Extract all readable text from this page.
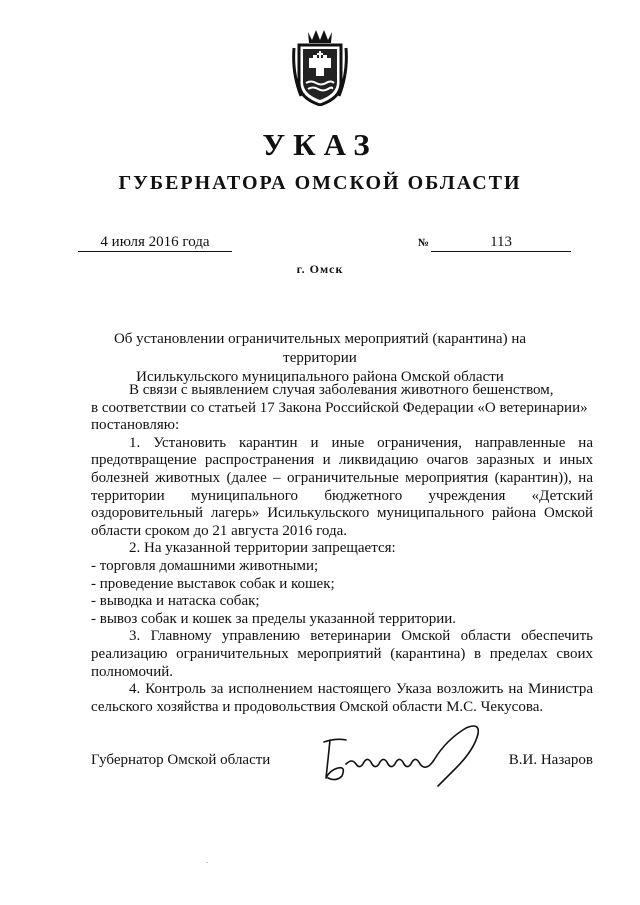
УКАЗ
ГУБЕРНАТОРА ОМСКОЙ ОБЛАСТИ
4 июля 2016 года	№	113
г. Омск
Об установлении ограничительных мероприятий (карантина) на территории
Исилькульского муниципального района Омской области

В связи с выявлением случая заболевания животного бешенством,

в соответствии со статьей 17 Закона Российской Федерации «О ветеринарии»

постановляю:

1. Установить карантин и иные ограничения, направленные на предотвращение распространения и ликвидацию очагов заразных и иных болезней животных (далее – ограничительные мероприятия (карантин)), на территории муниципального бюджетного учреждения «Детский оздоровительный лагерь» Исилькульского муниципального района Омской области сроком до 21 августа 2016 года.

2. На указанной территории запрещается:

- торговля домашними животными;

- проведение выставок собак и кошек;

- выводка и натаска собак;

- вывоз собак и кошек за пределы указанной территории.

3. Главному управлению ветеринарии Омской области обеспечить реализацию ограничительных мероприятий (карантина) в пределах своих полномочий.

4. Контроль за исполнением настоящего Указа возложить на Министра сельского хозяйства и продовольствия Омской области М.С. Чекусова.

Губернатор Омской области	В.И. Назаров
